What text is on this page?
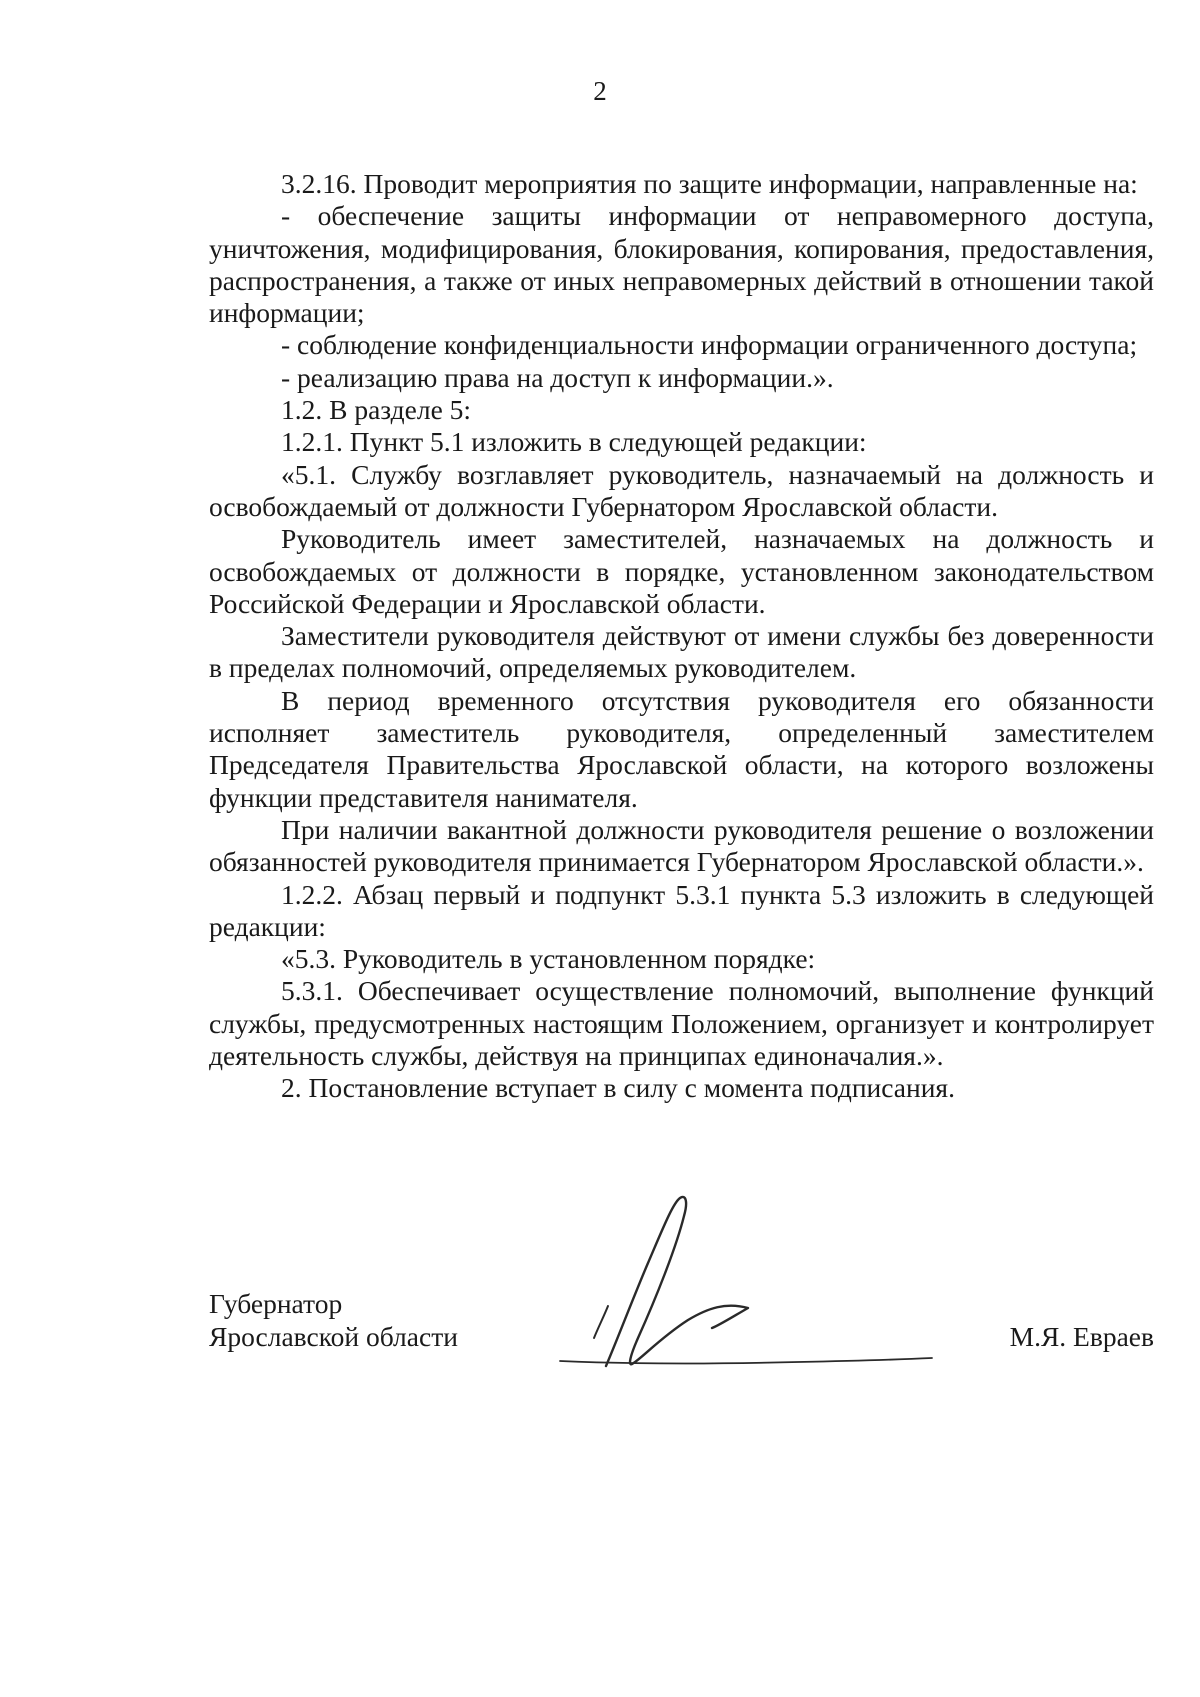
2

3.2.16. Проводит мероприятия по защите информации, направленные на:

- обеспечение защиты информации от неправомерного доступа, уничтожения, модифицирования, блокирования, копирования, предоставления, распространения, а также от иных неправомерных действий в отношении такой информации;

- соблюдение конфиденциальности информации ограниченного доступа;

- реализацию права на доступ к информации.».

1.2. В разделе 5:

1.2.1. Пункт 5.1 изложить в следующей редакции:

«5.1. Службу возглавляет руководитель, назначаемый на должность и освобождаемый от должности Губернатором Ярославской области.

Руководитель имеет заместителей, назначаемых на должность и освобождаемых от должности в порядке, установленном законодательством Российской Федерации и Ярославской области.

Заместители руководителя действуют от имени службы без доверенности в пределах полномочий, определяемых руководителем.

В период временного отсутствия руководителя его обязанности исполняет заместитель руководителя, определенный заместителем Председателя Правительства Ярославской области, на которого возложены функции представителя нанимателя.

При наличии вакантной должности руководителя решение о возложении обязанностей руководителя принимается Губернатором Ярославской области.».

1.2.2. Абзац первый и подпункт 5.3.1 пункта 5.3 изложить в следующей редакции:

«5.3. Руководитель в установленном порядке:

5.3.1. Обеспечивает осуществление полномочий, выполнение функций службы, предусмотренных настоящим Положением, организует и контролирует деятельность службы, действуя на принципах единоначалия.».

2. Постановление вступает в силу с момента подписания.

Губернатор
Ярославской области	М.Я. Евраев
